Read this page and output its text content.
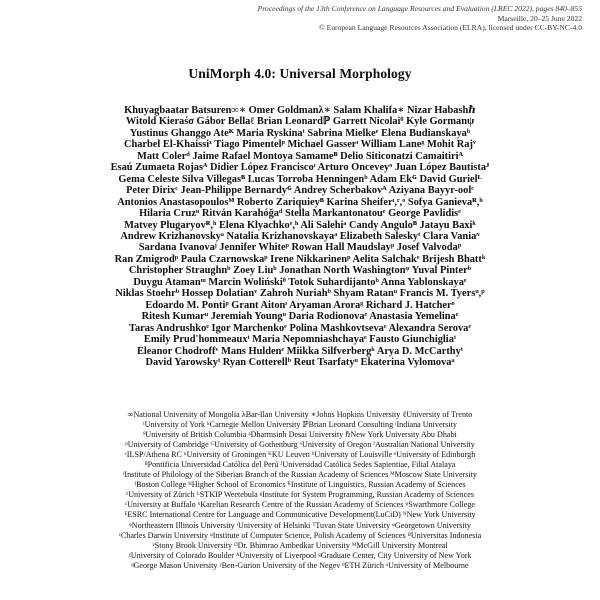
Proceedings of the 13th Conference on Language Resources and Evaluation (LREC 2022), pages 840–855
Marseille, 20–25 June 2022
© European Language Resources Association (ELRA), licensed under CC-BY-NC-4.0
UniMorph 4.0: Universal Morphology
Khuyagbaatar Batsuren∞∗ Omer Goldmanλ∗ Salam Khalifa∗ Nizar Habashℏ
Witold Kieraśσ Gábor Bellaℓ Brian Leonardℙ Garrett Nicolaiᶿ Kyle Gormanψ
Yustinus Ghanggo Ateᴷ Maria Ryskinaᵗ Sabrina Mielkeᵉ Elena Budianskayaᵇ
Charbel El-Khaissiᶻ Tiago Pimentelᵖ Michael Gasserᶦ William Laneᵍ Mohit Rajᵛ
Matt Colerᵈ Jaime Rafael Montoya Samameᴮ Delio Siticonatzi Camaitiriᴬ
Esaú Zumaeta Rojasᴬ Didier López Franciscoᶦ Arturo Onceveyᵒ Juan López Bautistaᴶ
Gema Celeste Silva Villegasᴮ Lucas Torroba Henningenᵇ Adam Ekᴳ David Gurielᴸ
Peter Dirixᶜ Jean-Philippe Bernardyᴳ Andrey Scherbakovᴬ Aziyana Bayyr-oolᶜ
Antonios Anastasopoulosᴹ Roberto Zariquieyᴮ Karina Sheiferᶦ,ʳ,ᵒ Sofya Ganievaᴿ,ʰ
Hilaria Cruzᵘ Ritván Karahóǧaᵈ Stella Markantonatouᵉ George Pavlidisᵉ
Matvey Plugaryovᴿ,ʰ Elena Klyachkoᵉ,ʰ Ali Salehiᵃ Candy Anguloᴮ Jatayu Baxiᵏ
Andrew Krizhanovskyᵃ Natalia Krizhanovskayaᵃ Elizabeth Saleskyᵗ Clara Vaniaᶰ
Sardana Ivanovaʲ Jennifer Whiteᵖ Rowan Hall Maudslayᵖ Josef Valvodaᵖ
Ran Zmigrodᵖ Paula Czarnowskaᵖ Irene Nikkarinenᵖ Aelita Salchakᵉ Brijesh Bhattᵏ
Christopher Straughnᵇ Zoey Liuᵇ Jonathan North Washingtonᵠ Yuval Pinterᵇ
Duygu Atamanᵚ Marcin Wolińskiᶿ Totok Suhardijantoᵇ Anna Yablonskayaᵉ
Niklas Stoehrᵇ Hossep Dolatianᵛ Zahroh Nuriahᵇ Shyam Ratanᵘ Francis M. Tyersᵘ,ᵖ
Edoardo M. Pontiᵖ Grant Aitonᶦ Aryaman Aroraᵍ Richard J. Hatcherᵒ
Ritesh Kumarᵘ Jeremiah Youngᵘ Daria Rodionovaᵉ Anastasia Yemelinaᵉ
Taras Andrushkoᵉ Igor Marchenkoᵉ Polina Mashkovtsevaᵉ Alexandra Serovaᵉ
Emily Prud'hommeauxᵗ Maria Nepomniashchayaᵉ Fausto Giunchigliaᵗ
Eleanor Chodroffᵛ Mans Huldenᵉ Miikka Silfverbergᵏ Arya D. McCarthyᵗ
David Yarowskyᵗ Ryan Cotterellᵇ Reut Tsarfatyᵘ Ekaterina Vylomovaᵃ
∞National University of Mongolia λBar-Ilan University ∗Johns Hopkins University ℓUniversity of Trento
ᵗUniversity of York ᵏCarnegie Mellon University ℙBrian Leonard Consulting ᶦIndiana University
ᶿUniversity of British Columbia ᵃDharmsinh Desai University ℏNew York University Abu Dhabi
ᵖUniversity of Cambridge ᴳUniversity of Gothenburg ᵒUniversity of Oregon ᶠAustralian National University
ᶜILSP/Athena RC ᵘUniversity of Groningen ᴷKU Leuven ᵇUniversity of Louisville ᵉUniversity of Edinburgh
ᴮPontificia Universidad Católica del Perú ᴶUniversidad Católica Sedes Sapientiae, Filial Atalaya
ᶤInstitute of Philology of the Siberian Branch of the Russian Academy of Sciences ᴹMoscow State University
ᴵBoston College ᴴHigher School of Economics ᴿInstitute of Linguistics, Russian Academy of Sciences
ᶻUniversity of Zürich ᴸSTKIP Weetebula ᵍInstitute for System Programming, Russian Academy of Sciences
ᶜUniversity at Buffalo ᵏKarelian Research Centre of the Russian Academy of Sciences ᵠSwarthmore College
ᴱESRC International Centre for Language and Communicative Development(LuCiD) ᴺNew York University
ᵠNortheastern Illinois University ᶦUniversity of Helsinki ᵀTuvan State University ᵠGeorgetown University
ᶜCharles Darwin University ᵠInstitute of Computer Science, Polish Academy of Sciences ᴮUniversitas Indonesia
ᵛStony Brook University ᴰDr. Bhimrao Ambedkar University ᴹMcGill University Montreal
ᵡUniversity of Colorado Boulder ᴬUniversity of Liverpool ᵍGraduate Center, City University of New York
ᶢGeorge Mason University ᵞBen-Gurion University of the Negev ᶿETH Zürich ᵃUniversity of Melbourne
